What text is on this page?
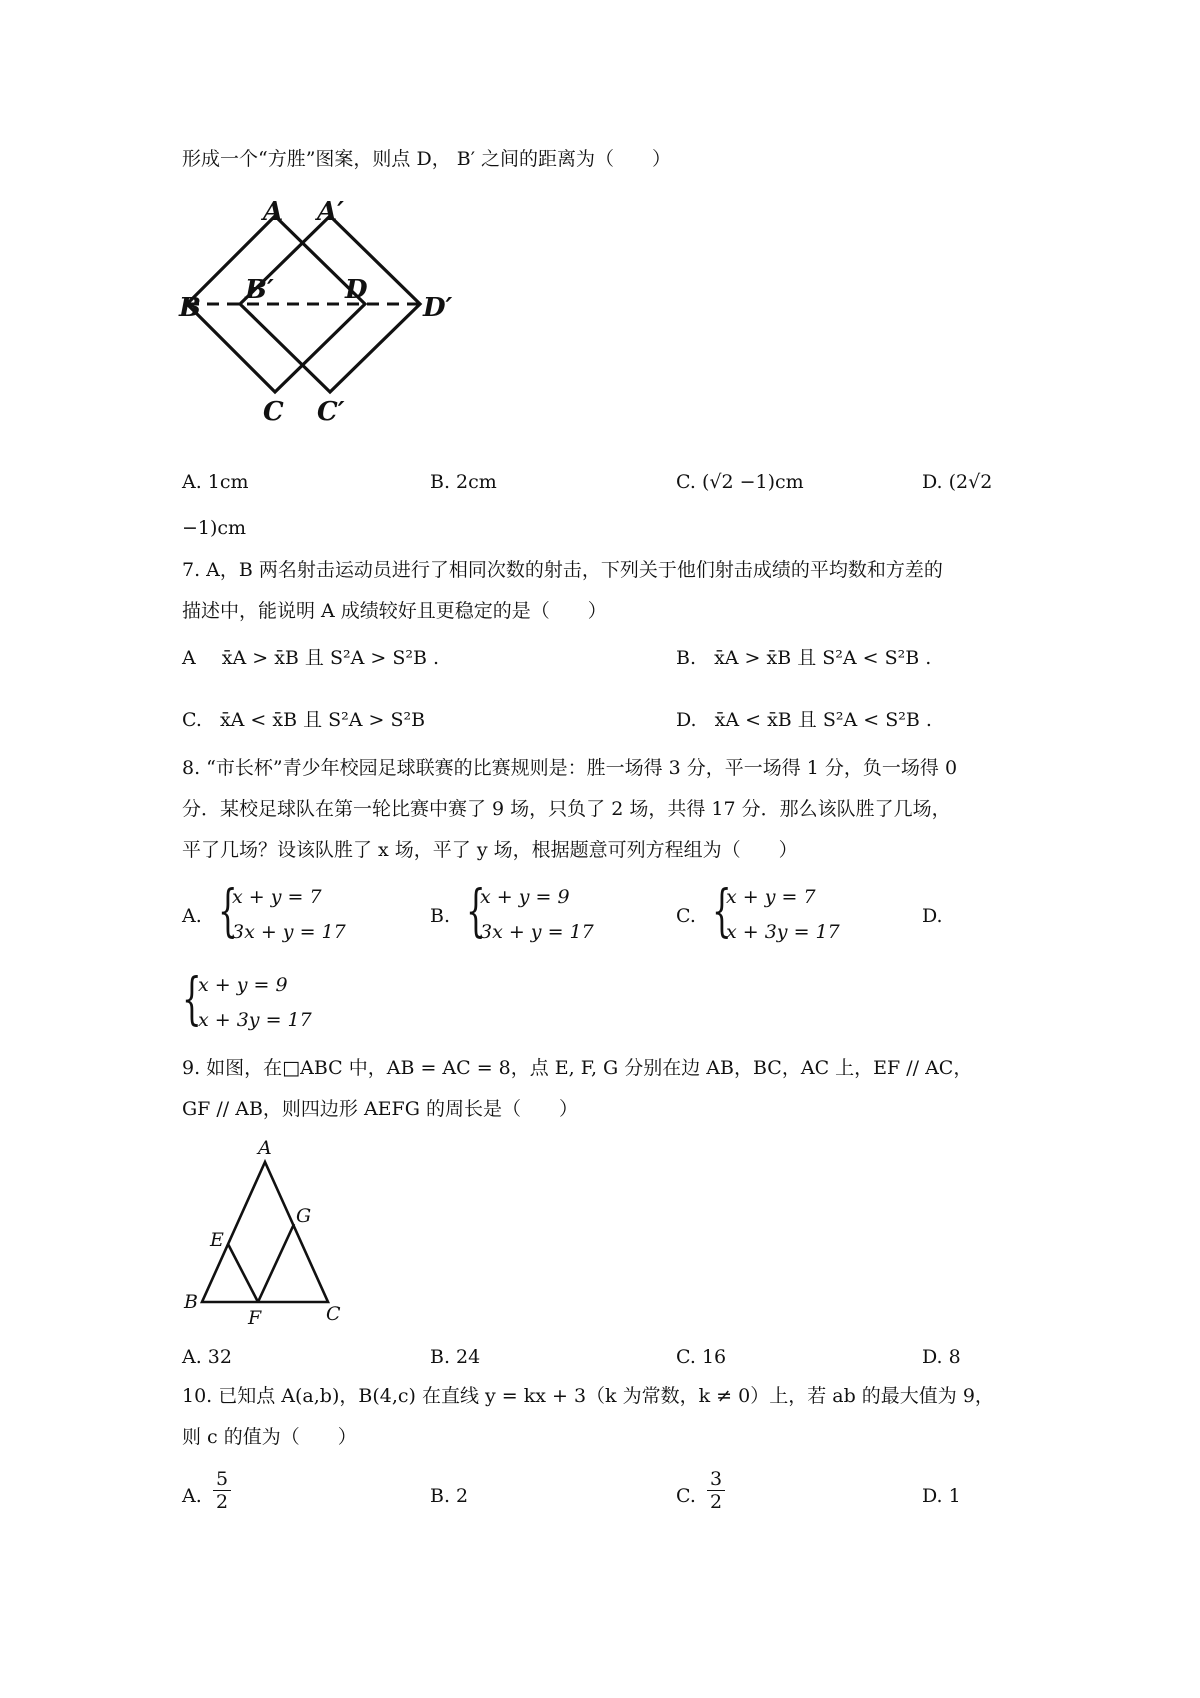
形成一个“方胜”图案，则点 D， B′ 之间的距离为（　　）
A A′
B′	D
B	D′
C C′
A. 1cm	B. 2cm	C. (√2 −1)cm	D. (2√2
−1)cm
7. A，B 两名射击运动员进行了相同次数的射击，下列关于他们射击成绩的平均数和方差的
描述中，能说明 A 成绩较好且更稳定的是（　　）
A x̄A > x̄B 且 S²A > S²B .	B. x̄A > x̄B 且 S²A < S²B .
C. x̄A < x̄B 且 S²A > S²B	D. x̄A < x̄B 且 S²A < S²B .
8. “市长杯”青少年校园足球联赛的比赛规则是：胜一场得 3 分，平一场得 1 分，负一场得 0
分．某校足球队在第一轮比赛中赛了 9 场，只负了 2 场，共得 17 分．那么该队胜了几场，
平了几场？设该队胜了 x 场，平了 y 场，根据题意可列方程组为（　　）
A. {
x + y = 7
3x + y = 17
B. {
x + y = 9
3x + y = 17
C. {
x + y = 7
x + 3y = 17
D.
{
x + y = 9
x + 3y = 17
9. 如图，在□ABC 中，AB = AC = 8，点 E, F, G 分别在边 AB，BC，AC 上，EF // AC，
GF // AB，则四边形 AEFG 的周长是（　　）
A
G
E
B
F	C
A. 32	B. 24	C. 16	D. 8
10. 已知点 A(a,b)，B(4,c) 在直线 y = kx + 3（k 为常数，k ≠ 0）上，若 ab 的最大值为 9，
则 c 的值为（　　）
A.
5
2	B. 2	C.
3
2	D. 1
